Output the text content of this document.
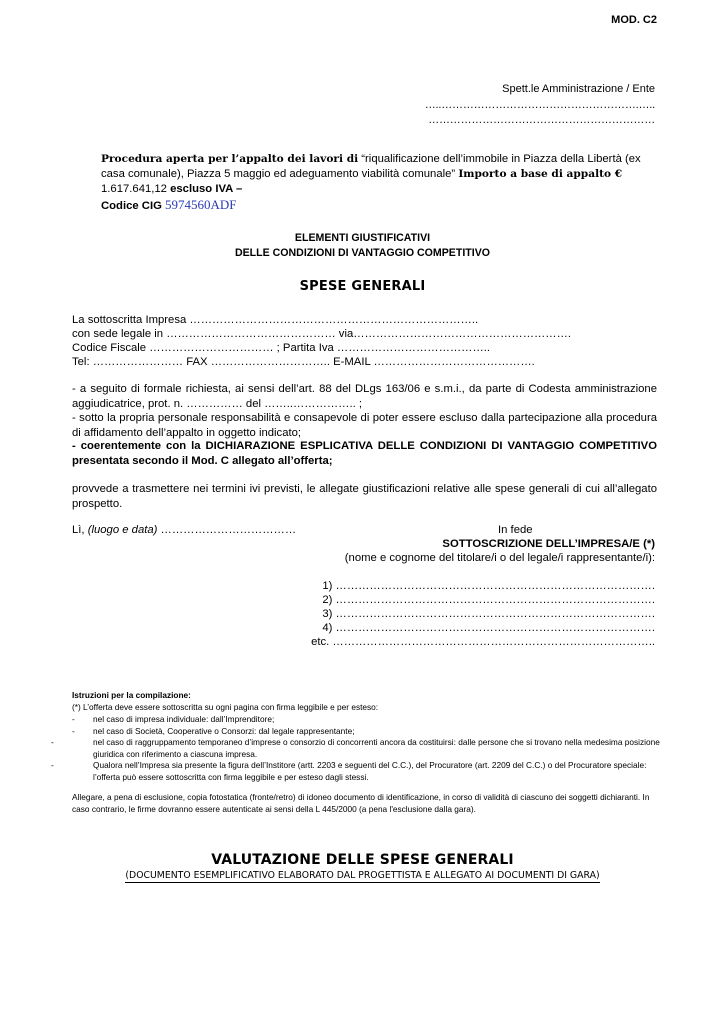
MOD. C2
Spett.le Amministrazione / Ente
…..……………………………………………….…..
………………………………………………………
Procedura aperta per l’appalto dei lavori di “riqualificazione dell’immobile in Piazza della Libertà (ex casa comunale), Piazza 5 maggio ed adeguamento viabilità comunale” Importo a base di appalto € 1.617.641,12 escluso IVA –
Codice CIG 5974560ADF
ELEMENTI GIUSTIFICATIVI
DELLE CONDIZIONI DI VANTAGGIO COMPETITIVO
SPESE GENERALI
La sottoscritta Impresa …………………………………………………………………..
con sede legale in ……………………………………… via………………………………………………….
Codice Fiscale …………………………… ; Partita Iva …………………………………..
Tel: …………………… FAX ………………………….. E-MAIL …………………………………….
- a seguito di formale richiesta, ai sensi dell’art. 88 del DLgs 163/06 e s.m.i., da parte di Codesta amministrazione aggiudicatrice, prot. n. …………… del ……..…………….. ;
- sotto la propria personale responsabilità e consapevole di poter essere escluso dalla partecipazione alla procedura di affidamento dell’appalto in oggetto indicato;
- coerentemente con la DICHIARAZIONE ESPLICATIVA DELLE CONDIZIONI DI VANTAGGIO COMPETITIVO presentata secondo il Mod. C allegato all’offerta;
provvede a trasmettere nei termini ivi previsti, le allegate giustificazioni relative alle spese generali di cui all’allegato prospetto.
Lì, (luogo e data) ………………………………	In fede
SOTTOSCRIZIONE DELL’IMPRESA/E (*)
(nome e cognome del titolare/i o del legale/i rappresentante/i):
1) ………………………………………………………………………….
2) ………………………………………………………………………….
3) ………………………………………………………………………….
4) ………………………………………………………………………….
etc. …………………………………………………………………………..
Istruzioni per la compilazione:
(*) L’offerta deve essere sottoscritta su ogni pagina con firma leggibile e per esteso:
- nel caso di impresa individuale: dall’Imprenditore;
- nel caso di Società, Cooperative o Consorzi: dal legale rappresentante;
-	nel caso di raggruppamento temporaneo d’imprese o consorzio di concorrenti ancora da costituirsi: dalle persone che si trovano nella medesima posizione giuridica con riferimento a ciascuna impresa.
-	Qualora nell’Impresa sia presente la figura dell’Institore (artt. 2203 e seguenti del C.C.), del Procuratore (art. 2209 del C.C.) o del Procuratore speciale: l’offerta può essere sottoscritta con firma leggibile e per esteso dagli stessi.
Allegare, a pena di esclusione, copia fotostatica (fronte/retro) di idoneo documento di identificazione, in corso di validità di ciascuno dei soggetti dichiaranti. In caso contrario, le firme dovranno essere autenticate ai sensi della L 445/2000 (a pena l'esclusione dalla gara).
VALUTAZIONE DELLE SPESE GENERALI
(DOCUMENTO ESEMPLIFICATIVO ELABORATO DAL PROGETTISTA E ALLEGATO AI DOCUMENTI DI GARA)
